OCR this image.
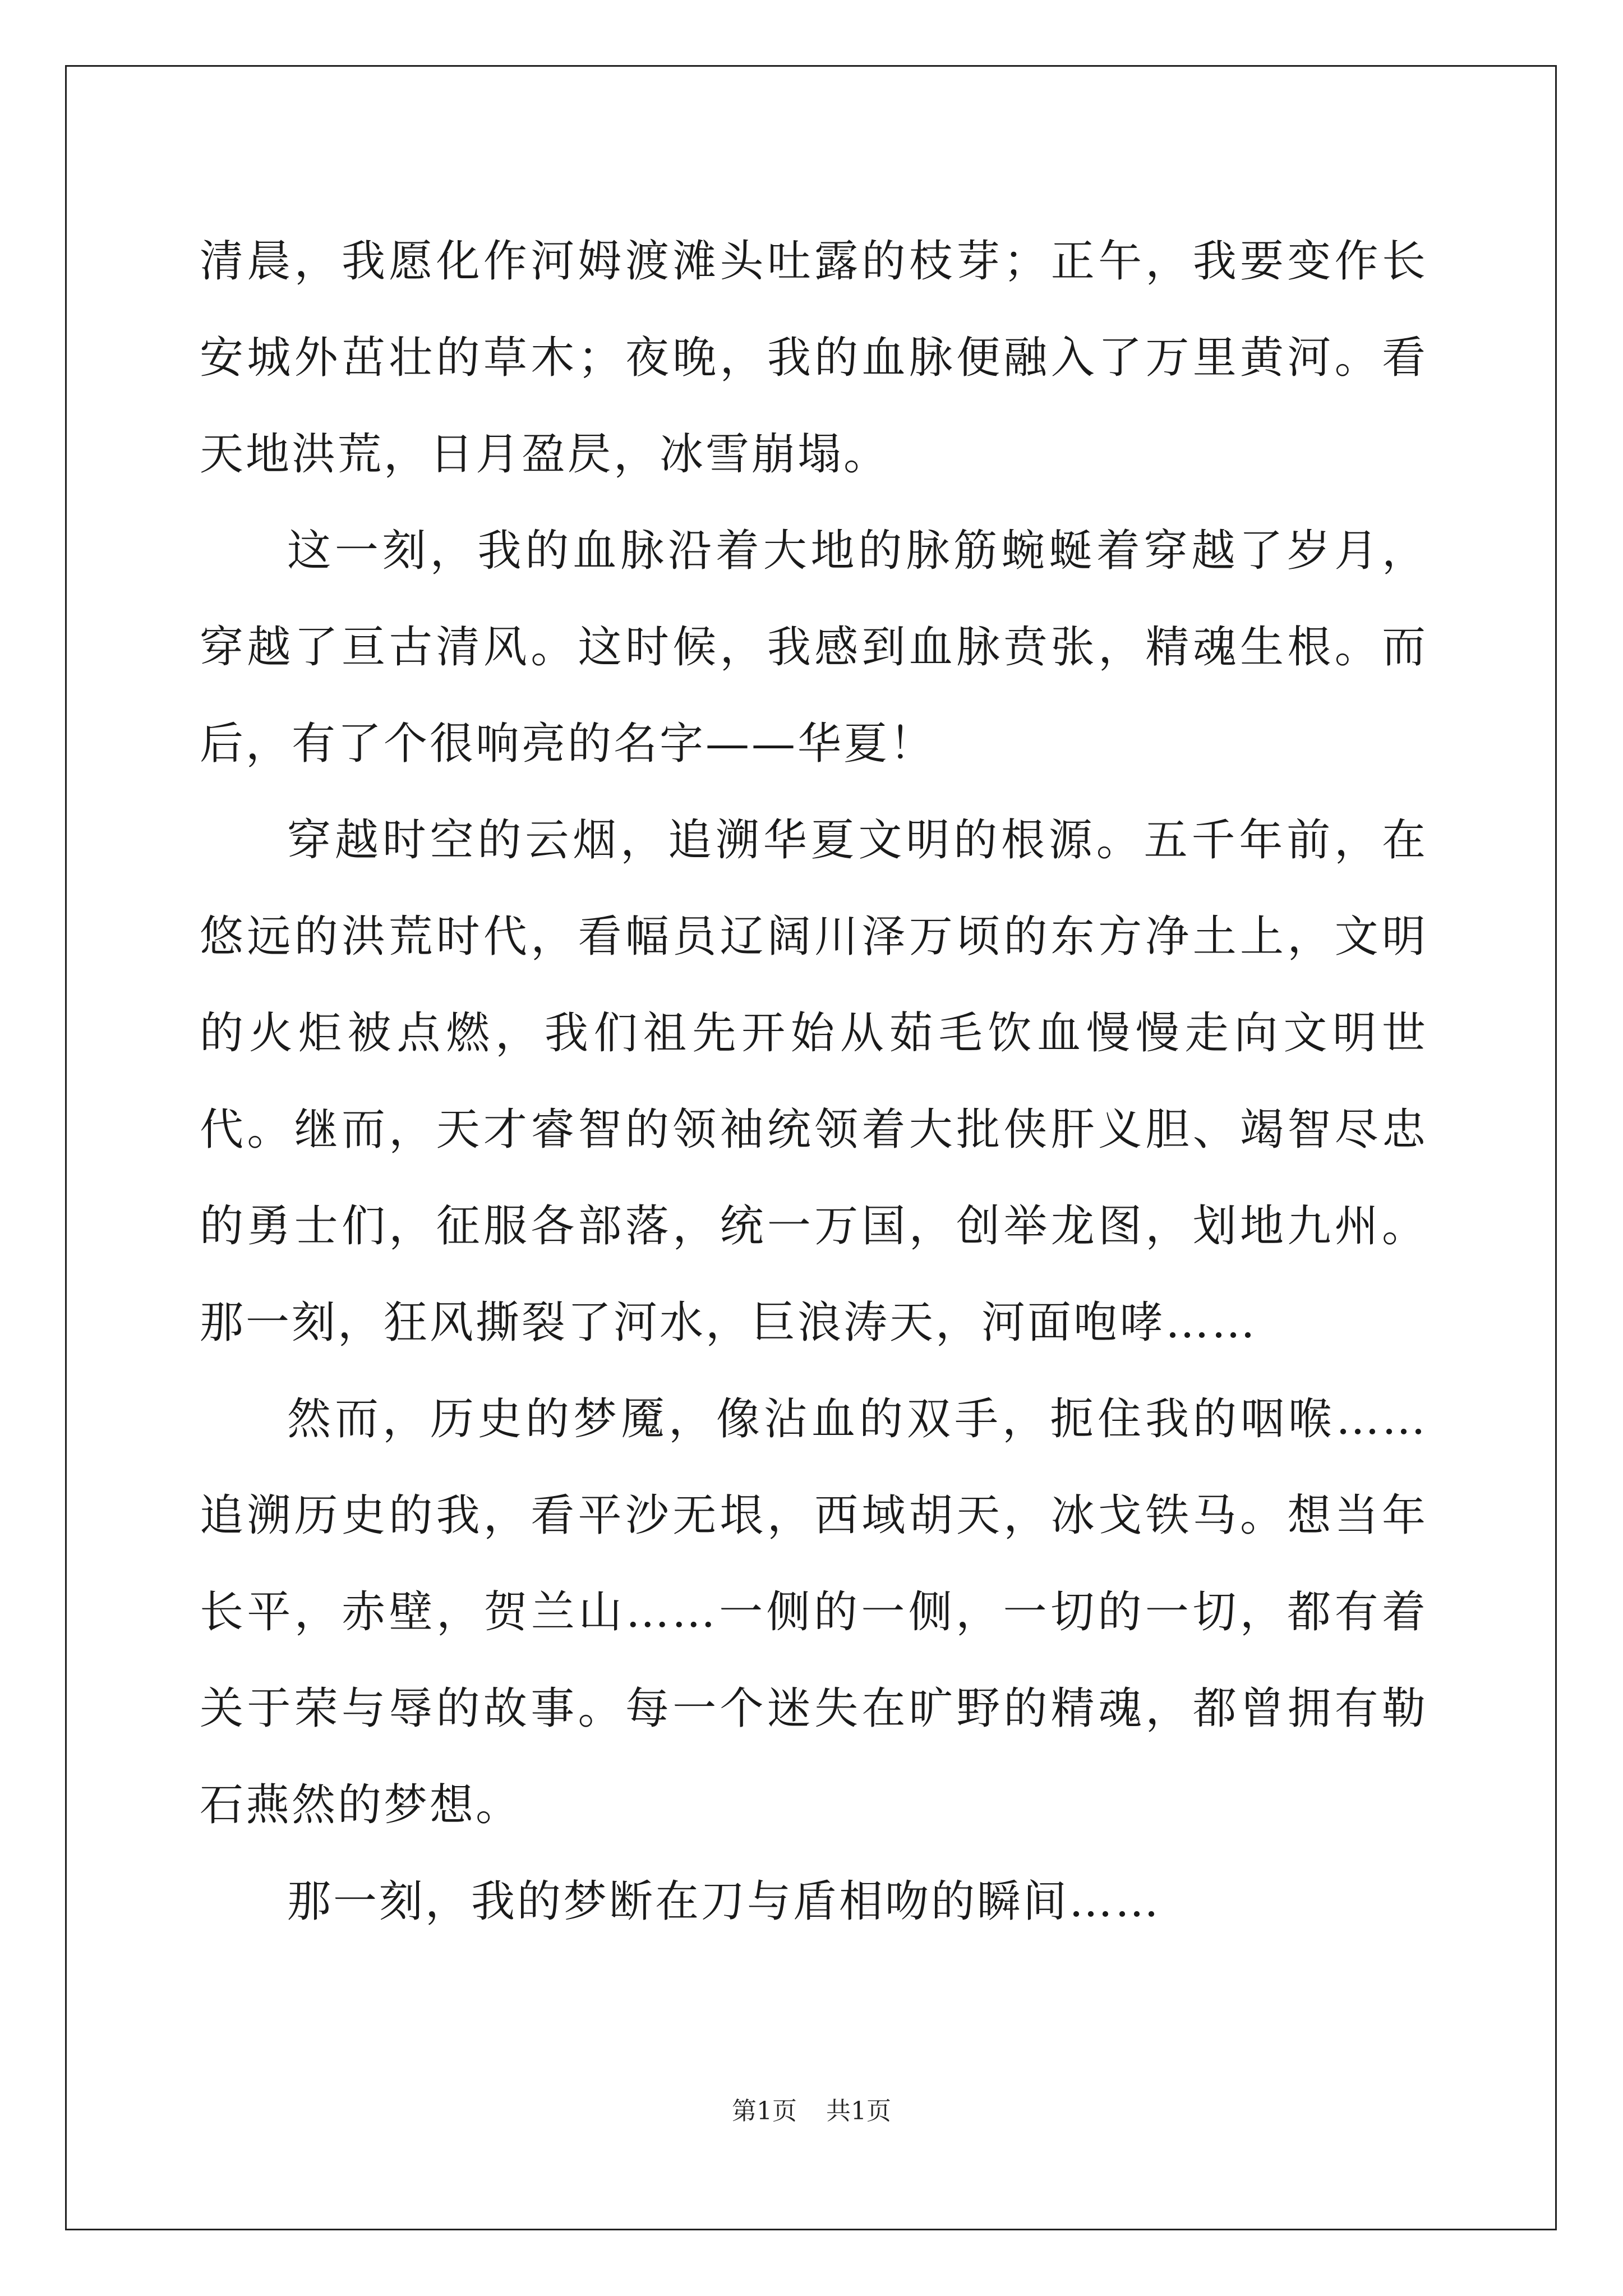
清晨，我愿化作河姆渡滩头吐露的枝芽；正午，我要变作长安城外茁壮的草木；夜晚，我的血脉便融入了万里黄河。看天地洪荒，日月盈昃，冰雪崩塌。

这一刻，我的血脉沿着大地的脉筋蜿蜒着穿越了岁月，穿越了亘古清风。这时候，我感到血脉贲张，精魂生根。而后，有了个很响亮的名字——华夏！

穿越时空的云烟，追溯华夏文明的根源。五千年前，在悠远的洪荒时代，看幅员辽阔川泽万顷的东方净土上，文明的火炬被点燃，我们祖先开始从茹毛饮血慢慢走向文明世代。继而，天才睿智的领袖统领着大批侠肝义胆、竭智尽忠的勇士们，征服各部落，统一万国，创举龙图，划地九州。那一刻，狂风撕裂了河水，巨浪涛天，河面咆哮……

然而，历史的梦魇，像沾血的双手，扼住我的咽喉……追溯历史的我，看平沙无垠，西域胡天，冰戈铁马。想当年长平，赤壁，贺兰山……一侧的一侧，一切的一切，都有着关于荣与辱的故事。每一个迷失在旷野的精魂，都曾拥有勒石燕然的梦想。

那一刻，我的梦断在刀与盾相吻的瞬间……

第1页 共1页
